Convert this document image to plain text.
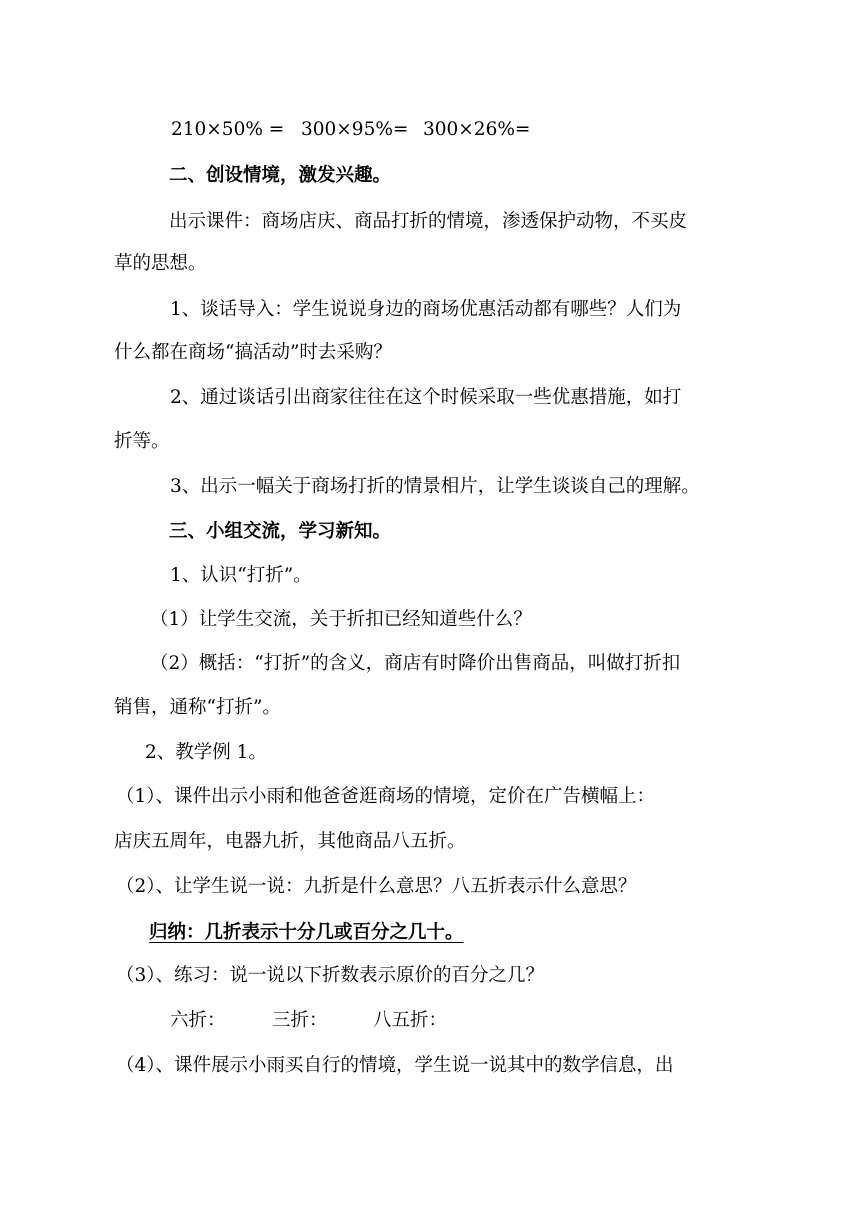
210×50% = 300×95%= 300×26%=
二、创设情境，激发兴趣。
出示课件：商场店庆、商品打折的情境，渗透保护动物，不买皮
草的思想。
1、谈话导入：学生说说身边的商场优惠活动都有哪些？人们为
什么都在商场“搞活动”时去采购？
2、通过谈话引出商家往往在这个时候采取一些优惠措施，如打
折等。
3、出示一幅关于商场打折的情景相片，让学生谈谈自己的理解。
三、小组交流，学习新知。
1、认识“打折”。
（1）让学生交流，关于折扣已经知道些什么？
（2）概括：“打折”的含义，商店有时降价出售商品，叫做打折扣
销售，通称“打折”。
2、教学例 1。
（1）、课件出示小雨和他爸爸逛商场的情境，定价在广告横幅上：
店庆五周年，电器九折，其他商品八五折。
（2）、让学生说一说：九折是什么意思？八五折表示什么意思？
归纳：几折表示十分几或百分之几十。
（3）、练习：说一说以下折数表示原价的百分之几？
六折：	三折： 八五折：
（4）、课件展示小雨买自行的情境，学生说一说其中的数学信息，出
